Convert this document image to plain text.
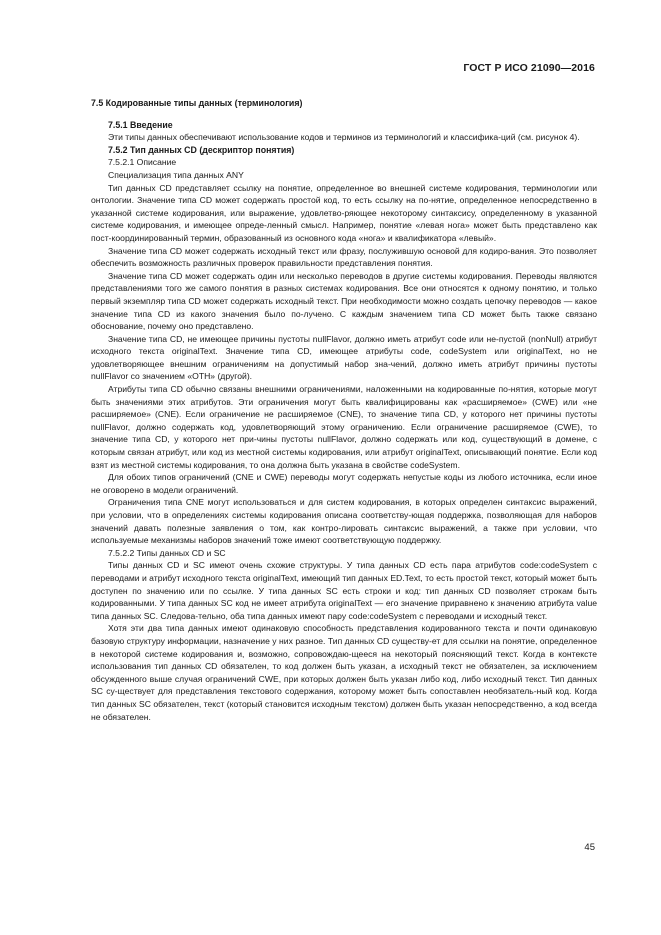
ГОСТ Р ИСО 21090—2016

7.5 Кодированные типы данных (терминология)

7.5.1 Введение

Эти типы данных обеспечивают использование кодов и терминов из терминологий и классифика-ций (см. рисунок 4).

7.5.2 Тип данных CD (дескриптор понятия)

7.5.2.1 Описание

Специализация типа данных ANY

Тип данных CD представляет ссылку на понятие, определенное во внешней системе кодирования, терминологии или онтологии. Значение типа CD может содержать простой код, то есть ссылку на по-нятие, определенное непосредственно в указанной системе кодирования, или выражение, удовлетво-ряющее некоторому синтаксису, определенному в указанной системе кодирования, и имеющее опреде-ленный смысл. Например, понятие «левая нога» может быть представлено как пост-координированный термин, образованный из основного кода «нога» и квалификатора «левый».

Значение типа CD может содержать исходный текст или фразу, послужившую основой для кодиро-вания. Это позволяет обеспечить возможность различных проверок правильности представления понятия.

Значение типа CD может содержать один или несколько переводов в другие системы кодирования. Переводы являются представлениями того же самого понятия в разных системах кодирования. Все они относятся к одному понятию, и только первый экземпляр типа CD может содержать исходный текст. При необходимости можно создать цепочку переводов — какое значение типа CD из какого значения было по-лучено. С каждым значением типа CD может быть также связано обоснование, почему оно представлено.

Значение типа CD, не имеющее причины пустоты nullFlavor, должно иметь атрибут code или не-пустой (nonNull) атрибут исходного текста originalText. Значение типа CD, имеющее атрибуты code, codeSystem или originalText, но не удовлетворяющее внешним ограничениям на допустимый набор зна-чений, должно иметь атрибут причины пустоты nullFlavor со значением «OTH» (другой).

Атрибуты типа CD обычно связаны внешними ограничениями, наложенными на кодированные по-нятия, которые могут быть значениями этих атрибутов. Эти ограничения могут быть квалифицированы как «расширяемое» (CWE) или «не расширяемое» (CNE). Если ограничение не расширяемое (CNE), то значение типа CD, у которого нет причины пустоты nullFlavor, должно содержать код, удовлетворяющий этому ограничению. Если ограничение расширяемое (CWE), то значение типа CD, у которого нет при-чины пустоты nullFlavor, должно содержать или код, существующий в домене, с которым связан атрибут, или код из местной системы кодирования, или атрибут originalText, описывающий понятие. Если код взят из местной системы кодирования, то она должна быть указана в свойстве codeSystem.

Для обоих типов ограничений (CNE и CWE) переводы могут содержать непустые коды из любого источника, если иное не оговорено в модели ограничений.

Ограничения типа CNE могут использоваться и для систем кодирования, в которых определен синтаксис выражений, при условии, что в определениях системы кодирования описана соответству-ющая поддержка, позволяющая для наборов значений давать полезные заявления о том, как контро-лировать синтаксис выражений, а также при условии, что используемые механизмы наборов значений тоже имеют соответствующую поддержку.

7.5.2.2 Типы данных CD и SC

Типы данных CD и SC имеют очень схожие структуры. У типа данных CD есть пара атрибутов code:codeSystem с переводами и атрибут исходного текста originalText, имеющий тип данных ED.Text, то есть простой текст, который может быть доступен по значению или по ссылке. У типа данных SC есть строки и код: тип данных CD позволяет строкам быть кодированными. У типа данных SC код не имеет атрибута originalText — его значение приравнено к значению атрибута value типа данных SC. Следова-тельно, оба типа данных имеют пару code:codeSystem с переводами и исходный текст.

Хотя эти два типа данных имеют одинаковую способность представления кодированного текста и почти одинаковую базовую структуру информации, назначение у них разное. Тип данных CD существу-ет для ссылки на понятие, определенное в некоторой системе кодирования и, возможно, сопровождаю-щееся на некоторый поясняющий текст. Когда в контексте использования тип данных CD обязателен, то код должен быть указан, а исходный текст не обязателен, за исключением обсужденного выше случая ограничений CWE, при которых должен быть указан либо код, либо исходный текст. Тип данных SC су-ществует для представления текстового содержания, которому может быть сопоставлен необязатель-ный код. Когда тип данных SC обязателен, текст (который становится исходным текстом) должен быть указан непосредственно, а код всегда не обязателен.

45
